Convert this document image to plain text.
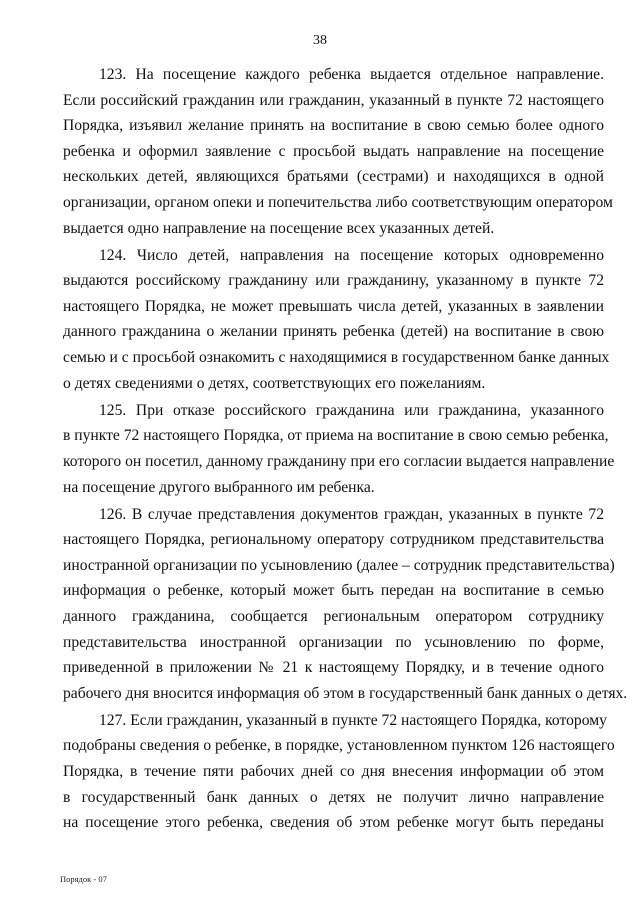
38
123. На посещение каждого ребенка выдается отдельное направление.
Если российский гражданин или гражданин, указанный в пункте 72 настоящего
Порядка, изъявил желание принять на воспитание в свою семью более одного
ребенка и оформил заявление с просьбой выдать направление на посещение
нескольких детей, являющихся братьями (сестрами) и находящихся в одной
организации, органом опеки и попечительства либо соответствующим оператором
выдается одно направление на посещение всех указанных детей.
124. Число детей, направления на посещение которых одновременно
выдаются российскому гражданину или гражданину, указанному в пункте 72
настоящего Порядка, не может превышать числа детей, указанных в заявлении
данного гражданина о желании принять ребенка (детей) на воспитание в свою
семью и с просьбой ознакомить с находящимися в государственном банке данных
о детях сведениями о детях, соответствующих его пожеланиям.
125. При отказе российского гражданина или гражданина, указанного
в пункте 72 настоящего Порядка, от приема на воспитание в свою семью ребенка,
которого он посетил, данному гражданину при его согласии выдается направление
на посещение другого выбранного им ребенка.
126. В случае представления документов граждан, указанных в пункте 72
настоящего Порядка, региональному оператору сотрудником представительства
иностранной организации по усыновлению (далее – сотрудник представительства)
информация о ребенке, который может быть передан на воспитание в семью
данного гражданина, сообщается региональным оператором сотруднику
представительства иностранной организации по усыновлению по форме,
приведенной в приложении № 21 к настоящему Порядку, и в течение одного
рабочего дня вносится информация об этом в государственный банк данных о детях.
127. Если гражданин, указанный в пункте 72 настоящего Порядка, которому
подобраны сведения о ребенке, в порядке, установленном пунктом 126 настоящего
Порядка, в течение пяти рабочих дней со дня внесения информации об этом
в государственный банк данных о детях не получит лично направление
на посещение этого ребенка, сведения об этом ребенке могут быть переданы
Порядок - 07
